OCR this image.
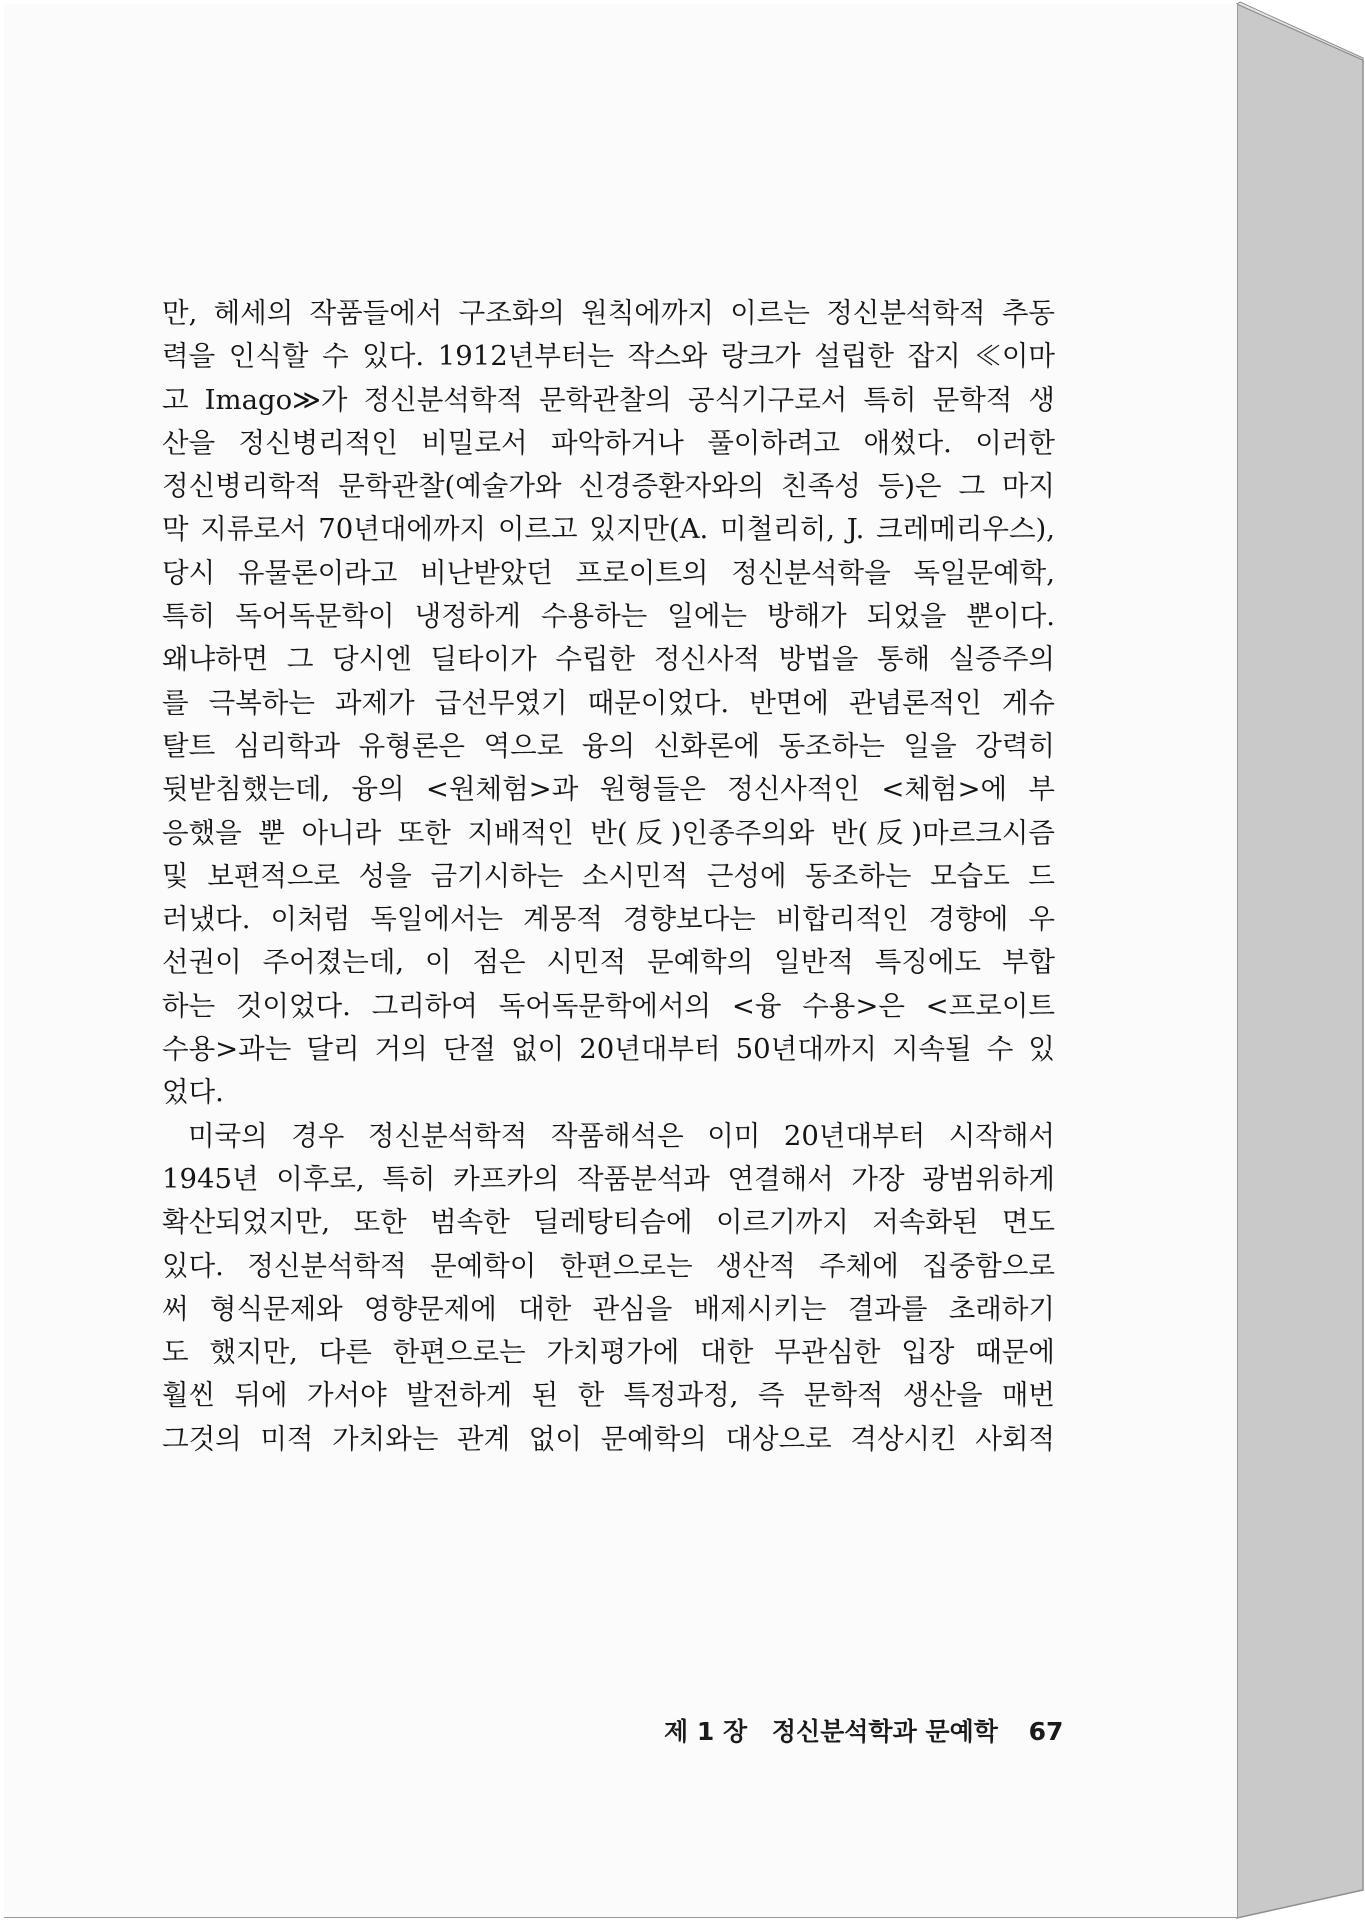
만, 헤세의 작품들에서 구조화의 원칙에까지 이르는 정신분석학적 추동

력을 인식할 수 있다. 1912년부터는 작스와 랑크가 설립한 잡지 ≪이마

고 Imago≫가 정신분석학적 문학관찰의 공식기구로서 특히 문학적 생

산을 정신병리적인 비밀로서 파악하거나 풀이하려고 애썼다. 이러한

정신병리학적 문학관찰(예술가와 신경증환자와의 친족성 등)은 그 마지

막 지류로서 70년대에까지 이르고 있지만(A. 미철리히, J. 크레메리우스),

당시 유물론이라고 비난받았던 프로이트의 정신분석학을 독일문예학,

특히 독어독문학이 냉정하게 수용하는 일에는 방해가 되었을 뿐이다.

왜냐하면 그 당시엔 딜타이가 수립한 정신사적 방법을 통해 실증주의

를 극복하는 과제가 급선무였기 때문이었다. 반면에 관념론적인 게슈

탈트 심리학과 유형론은 역으로 융의 신화론에 동조하는 일을 강력히

뒷받침했는데, 융의 <원체험>과 원형들은 정신사적인 <체험>에 부

응했을 뿐 아니라 또한 지배적인 반(反)인종주의와 반(反)마르크시즘

및 보편적으로 성을 금기시하는 소시민적 근성에 동조하는 모습도 드

러냈다. 이처럼 독일에서는 계몽적 경향보다는 비합리적인 경향에 우

선권이 주어졌는데, 이 점은 시민적 문예학의 일반적 특징에도 부합

하는 것이었다. 그리하여 독어독문학에서의 <융 수용>은 <프로이트

수용>과는 달리 거의 단절 없이 20년대부터 50년대까지 지속될 수 있

었다.

미국의 경우 정신분석학적 작품해석은 이미 20년대부터 시작해서

1945년 이후로, 특히 카프카의 작품분석과 연결해서 가장 광범위하게

확산되었지만, 또한 범속한 딜레탕티슴에 이르기까지 저속화된 면도

있다. 정신분석학적 문예학이 한편으로는 생산적 주체에 집중함으로

써 형식문제와 영향문제에 대한 관심을 배제시키는 결과를 초래하기

도 했지만, 다른 한편으로는 가치평가에 대한 무관심한 입장 때문에

훨씬 뒤에 가서야 발전하게 된 한 특정과정, 즉 문학적 생산을 매번

그것의 미적 가치와는 관계 없이 문예학의 대상으로 격상시킨 사회적

제 1 장 정신분석학과 문예학 67
